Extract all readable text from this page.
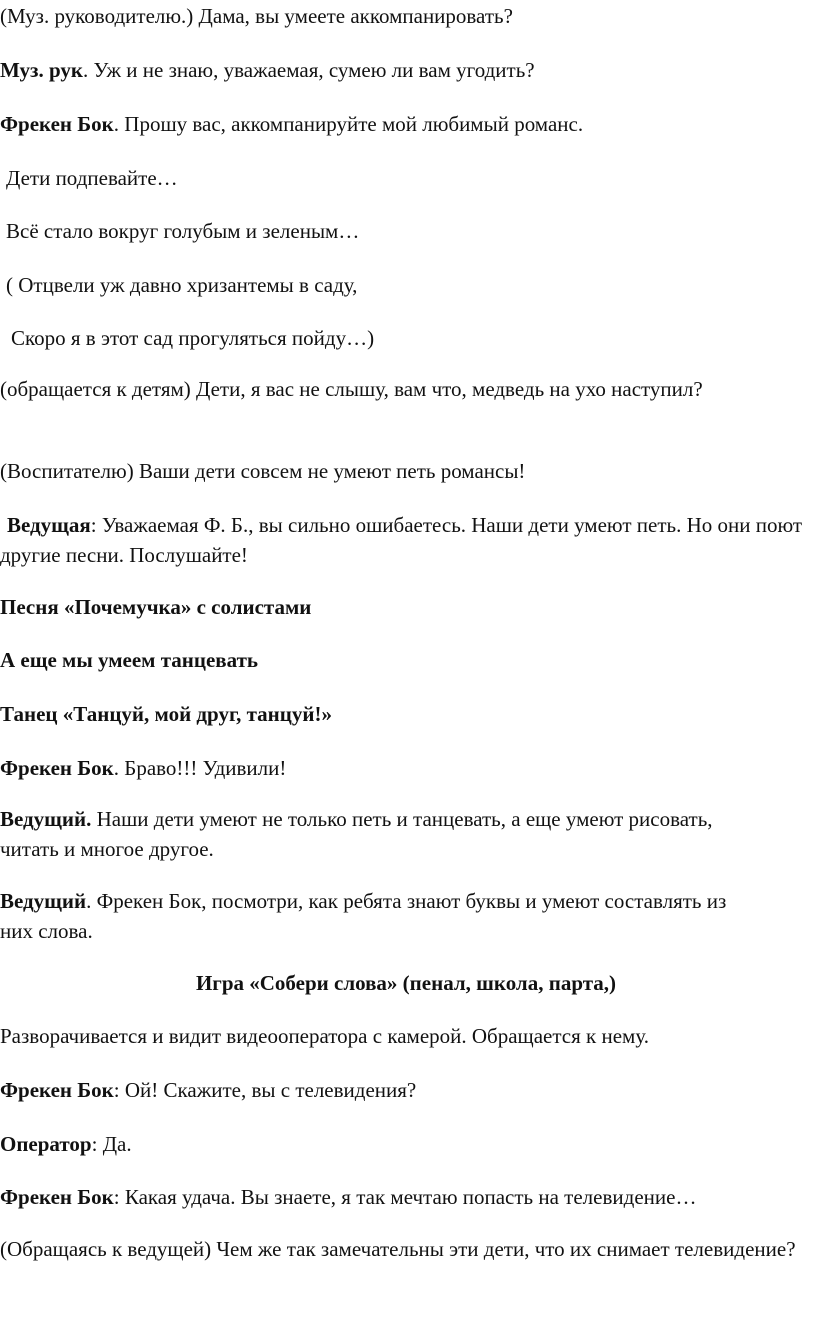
(Муз. руководителю.) Дама, вы умеете аккомпанировать?

Муз. рук. Уж и не знаю, уважаемая, сумею ли вам угодить?

Фрекен Бок. Прошу вас, аккомпанируйте мой любимый романс.

Дети подпевайте…

Всё стало вокруг голубым и зеленым…

( Отцвели уж давно хризантемы в саду,

Скоро я в этот сад прогуляться пойду…)

(обращается к детям) Дети, я вас не слышу, вам что, медведь на ухо наступил?

(Воспитателю) Ваши дети совсем не умеют петь романсы!

Ведущая: Уважаемая Ф. Б., вы сильно ошибаетесь. Наши дети умеют петь. Но они поют другие песни. Послушайте!

Песня «Почемучка» с солистами

А еще мы умеем танцевать

Танец «Танцуй, мой друг, танцуй!»

Фрекен Бок. Браво!!! Удивили!

Ведущий. Наши дети умеют не только петь и танцевать, а еще умеют рисовать, читать и многое другое.

Ведущий. Фрекен Бок, посмотри, как ребята знают буквы и умеют составлять из них слова.

Игра «Собери слова» (пенал, школа, парта,)

Разворачивается и видит видеооператора с камерой. Обращается к нему.

Фрекен Бок: Ой! Скажите, вы с телевидения?

Оператор: Да.

Фрекен Бок: Какая удача. Вы знаете, я так мечтаю попасть на телевидение…

(Обращаясь к ведущей) Чем же так замечательны эти дети, что их снимает телевидение?
